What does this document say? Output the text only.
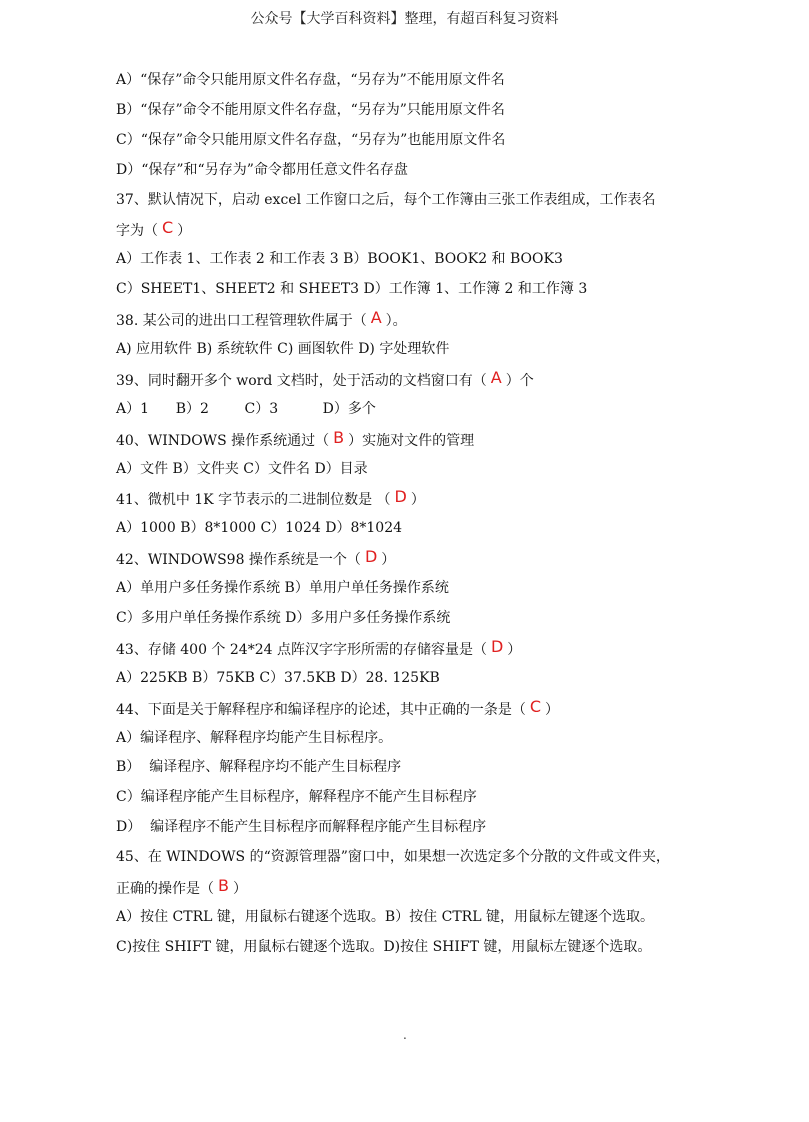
公众号【大学百科资料】整理，有超百科复习资料
A）“保存”命令只能用原文件名存盘，“另存为”不能用原文件名
B）“保存”命令不能用原文件名存盘，“另存为”只能用原文件名
C）“保存”命令只能用原文件名存盘，“另存为”也能用原文件名
D）“保存”和“另存为”命令都用任意文件名存盘
37、默认情况下，启动 excel 工作窗口之后，每个工作簿由三张工作表组成，工作表名
字为（ C ）
A）工作表 1、工作表 2 和工作表 3 B）BOOK1、BOOK2 和 BOOK3
C）SHEET1、SHEET2 和 SHEET3 D）工作簿 1、工作簿 2 和工作簿 3
38. 某公司的进出口工程管理软件属于（ A ）。
A) 应用软件 B) 系统软件 C) 画图软件 D) 字处理软件
39、同时翻开多个 word 文档时，处于活动的文档窗口有（ A ）个
A）1      B）2        C）3          D）多个
40、WINDOWS 操作系统通过（ B ）实施对文件的管理
A）文件 B）文件夹 C）文件名 D）目录
41、微机中 1K 字节表示的二进制位数是 （ D ）
A）1000 B）8*1000 C）1024 D）8*1024
42、WINDOWS98 操作系统是一个（ D ）
A）单用户多任务操作系统 B）单用户单任务操作系统
C）多用户单任务操作系统 D）多用户多任务操作系统
43、存储 400 个 24*24 点阵汉字字形所需的存储容量是（ D ）
A）225KB B）75KB C）37.5KB D）28. 125KB
44、下面是关于解释程序和编译程序的论述，其中正确的一条是（ C ）
A）编译程序、解释程序均能产生目标程序。
B）  编译程序、解释程序均不能产生目标程序
C）编译程序能产生目标程序，解释程序不能产生目标程序
D）  编译程序不能产生目标程序而解释程序能产生目标程序
45、在 WINDOWS 的“资源管理器”窗口中，如果想一次选定多个分散的文件或文件夹，
正确的操作是（ B ）
A）按住 CTRL 键，用鼠标右键逐个选取。B）按住 CTRL 键，用鼠标左键逐个选取。
C)按住 SHIFT 键，用鼠标右键逐个选取。D)按住 SHIFT 键，用鼠标左键逐个选取。
.
